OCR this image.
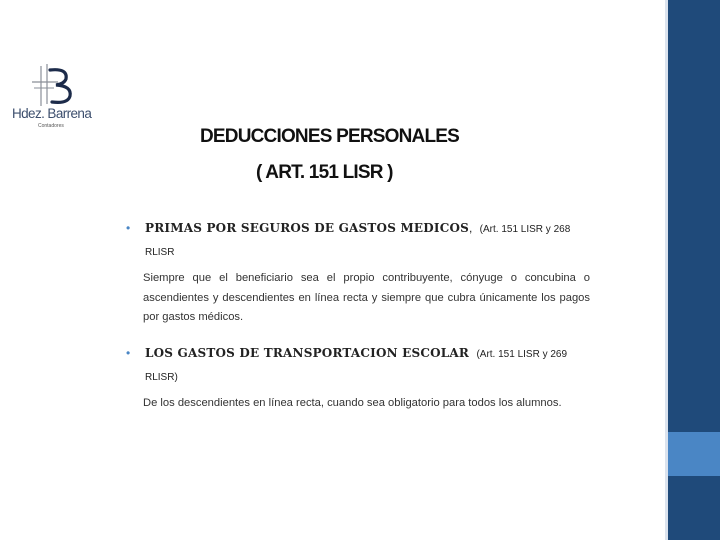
Hdez. Barrena
Contadores	DEDUCCIONES PERSONALES
( ART. 151 LISR )
• PRIMAS POR SEGUROS DE GASTOS MEDICOS, (Art. 151 LISR y 268
RLISR
Siempre que el beneficiario sea el propio contribuyente, cónyuge o concubina o ascendientes y descendientes en línea recta y siempre que cubra únicamente los pagos por gastos médicos.
• LOS GASTOS DE TRANSPORTACION ESCOLAR (Art. 151 LISR y 269
RLISR)
De los descendientes en línea recta, cuando sea obligatorio para todos los alumnos.
